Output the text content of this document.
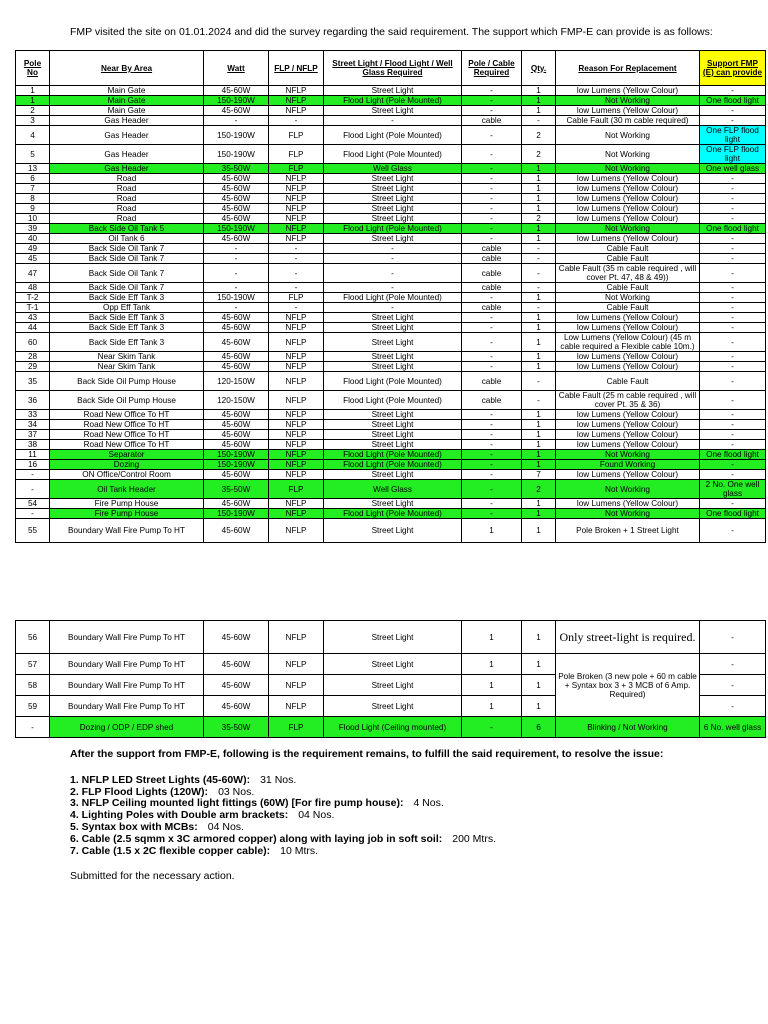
FMP visited the site on 01.01.2024 and did the survey regarding the said requirement. The support which FMP-E can provide is as follows:
Pole No	Near By Area	Watt	FLP / NFLP	Street Light / Flood Light / Well Glass Required	Pole / Cable Required	Qty.	Reason For Replacement	Support FMP (E) can provide
1	Main Gate	45-60W	NFLP	Street Light	-	1	low Lumens (Yellow Colour)	-
1	Main Gate	150-190W	NFLP	Flood Light (Pole Mounted)	-	1	Not Working	One flood light
2	Main Gate	45-60W	NFLP	Street Light	-	1	low Lumens (Yellow Colour)	-
3	Gas Header	-	-	-	cable	-	Cable Fault (30 m cable required)	-
4	Gas Header	150-190W	FLP	Flood Light (Pole Mounted)	-	2	Not Working	One FLP flood light
5	Gas Header	150-190W	FLP	Flood Light (Pole Mounted)	-	2	Not Working	One FLP flood light
13	Gas Header	35-50W	FLP	Well Glass	-	1	Not Working	One well glass
6	Road	45-60W	NFLP	Street Light	-	1	low Lumens (Yellow Colour)	-
7	Road	45-60W	NFLP	Street Light	-	1	low Lumens (Yellow Colour)	-
8	Road	45-60W	NFLP	Street Light	-	1	low Lumens (Yellow Colour)	-
9	Road	45-60W	NFLP	Street Light	-	1	low Lumens (Yellow Colour)	-
10	Road	45-60W	NFLP	Street Light	-	2	low Lumens (Yellow Colour)	-
39	Back Side Oil Tank 5	150-190W	NFLP	Flood Light (Pole Mounted)	-	1	Not Working	One flood light
40	Oil Tank 6	45-60W	NFLP	Street Light	-	1	low Lumens (Yellow Colour)	-
49	Back Side Oil Tank 7	-	-	-	cable	-	Cable Fault	-
45	Back Side Oil Tank 7	-	-	-	cable	-	Cable Fault	-
47	Back Side Oil Tank 7	-	-	-	cable	-	Cable Fault (35 m cable required , will cover Pt. 47, 48 & 49))	-
48	Back Side Oil Tank 7	-	-	-	cable	-	Cable Fault	-
T-2	Back Side Eff Tank 3	150-190W	FLP	Flood Light (Pole Mounted)	-	1	Not Working	-
T-1	Opp Eff Tank	-	-	-	cable	-	Cable Fault	-
43	Back Side Eff Tank 3	45-60W	NFLP	Street Light	-	1	low Lumens (Yellow Colour)	-
44	Back Side Eff Tank 3	45-60W	NFLP	Street Light	-	1	low Lumens (Yellow Colour)	-
60	Back Side Eff Tank 3	45-60W	NFLP	Street Light	-	1	Low Lumens (Yellow Colour) (45 m cable required a Flexible cable 10m.)	-
28	Near Skim Tank	45-60W	NFLP	Street Light	-	1	low Lumens (Yellow Colour)	-
29	Near Skim Tank	45-60W	NFLP	Street Light	-	1	low Lumens (Yellow Colour)	-
35	Back Side Oil Pump House	120-150W	NFLP	Flood Light (Pole Mounted)	cable	-	Cable Fault	-
36	Back Side Oil Pump House	120-150W	NFLP	Flood Light (Pole Mounted)	cable	-	Cable Fault (25 m cable required , will cover Pt. 35 & 36)	-
33	Road New Office To HT	45-60W	NFLP	Street Light	-	1	low Lumens (Yellow Colour)	-
34	Road New Office To HT	45-60W	NFLP	Street Light	-	1	low Lumens (Yellow Colour)	-
37	Road New Office To HT	45-60W	NFLP	Street Light	-	1	low Lumens (Yellow Colour)	-
38	Road New Office To HT	45-60W	NFLP	Street Light	-	1	low Lumens (Yellow Colour)	-
11	Separator	150-190W	NFLP	Flood Light (Pole Mounted)	-	1	Not Working	One flood light
16	Dozing	150-190W	NFLP	Flood Light (Pole Mounted)	-	1	Found Working	-
-	ON Office/Control Room	45-60W	NFLP	Street Light	-	7	low Lumens (Yellow Colour)	-
-	Oil Tank Header	35-50W	FLP	Well Glass	-	2	Not Working	2 No. One well glass
54	Fire Pump House	45-60W	NFLP	Street Light	-	1	low Lumens (Yellow Colour)	-
-	Fire Pump House	150-190W	NFLP	Flood Light (Pole Mounted)	-	1	Not Working	One flood light
55	Boundary Wall Fire Pump To HT	45-60W	NFLP	Street Light	1	1	Pole Broken + 1 Street Light	-
56	Boundary Wall Fire Pump To HT	45-60W	NFLP	Street Light	1	1	Only street-light is required.	-
57	Boundary Wall Fire Pump To HT	45-60W	NFLP	Street Light	1	1	Pole Broken (3 new pole + 60 m cable + Syntax box 3 + 3 MCB of 6 Amp. Required)	-
58	Boundary Wall Fire Pump To HT	45-60W	NFLP	Street Light	1	1		-
59	Boundary Wall Fire Pump To HT	45-60W	NFLP	Street Light	1	1		-
-	Dozing / ODP / EDP shed	35-50W	FLP	Flood Light (Ceiling mounted)	-	6	Blinking / Not Working	6 No. well glass
After the support from FMP-E, following is the requirement remains, to fulfill the said requirement, to resolve the issue:
1. NFLP LED Street Lights (45-60W): 31 Nos.
2. FLP Flood Lights (120W): 03 Nos.
3. NFLP Ceiling mounted light fittings (60W) [For fire pump house): 4 Nos.
4. Lighting Poles with Double arm brackets: 04 Nos.
5. Syntax box with MCBs: 04 Nos.
6. Cable (2.5 sqmm x 3C armored copper) along with laying job in soft soil: 200 Mtrs.
7. Cable (1.5 x 2C flexible copper cable): 10 Mtrs.
Submitted for the necessary action.
